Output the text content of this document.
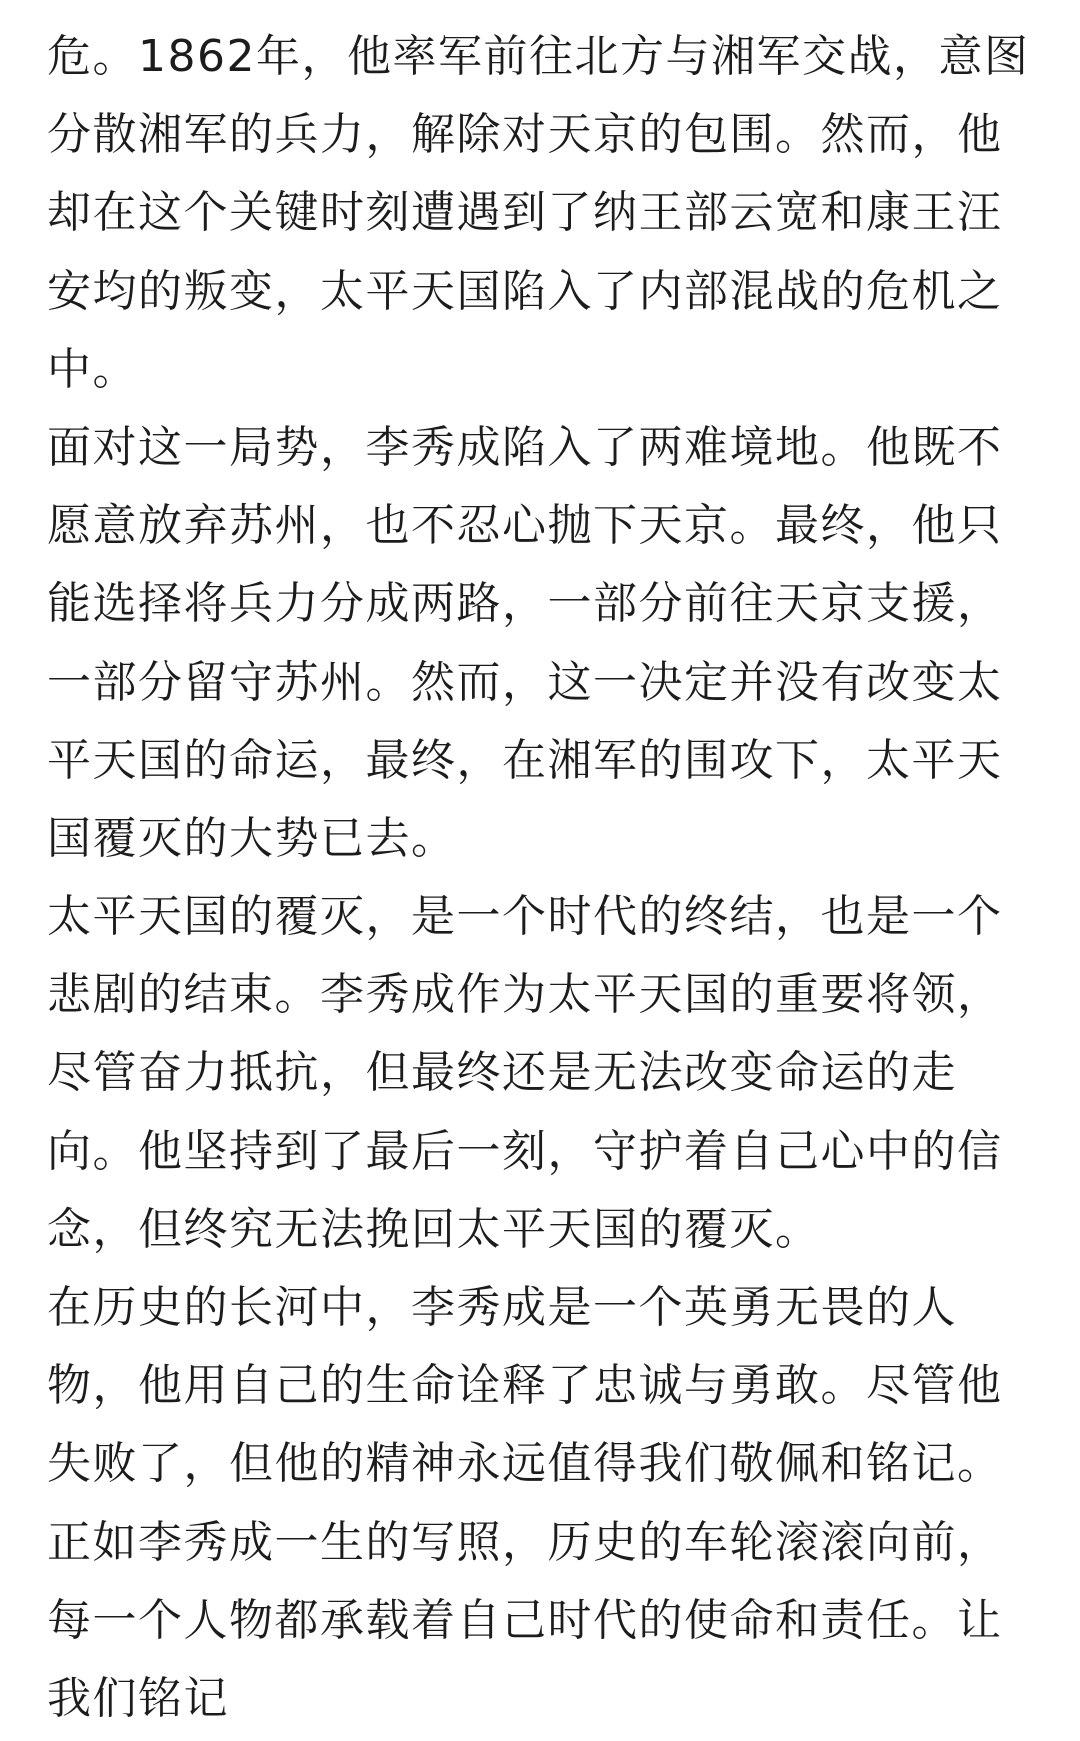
危。1862年，他率军前往北方与湘军交战，意图
分散湘军的兵力，解除对天京的包围。然而，他
却在这个关键时刻遭遇到了纳王部云宽和康王汪
安均的叛变，太平天国陷入了内部混战的危机之
中。
面对这一局势，李秀成陷入了两难境地。他既不
愿意放弃苏州，也不忍心抛下天京。最终，他只
能选择将兵力分成两路，一部分前往天京支援，
一部分留守苏州。然而，这一决定并没有改变太
平天国的命运，最终，在湘军的围攻下，太平天
国覆灭的大势已去。
太平天国的覆灭，是一个时代的终结，也是一个
悲剧的结束。李秀成作为太平天国的重要将领，
尽管奋力抵抗，但最终还是无法改变命运的走
向。他坚持到了最后一刻，守护着自己心中的信
念，但终究无法挽回太平天国的覆灭。
在历史的长河中，李秀成是一个英勇无畏的人
物，他用自己的生命诠释了忠诚与勇敢。尽管他
失败了，但他的精神永远值得我们敬佩和铭记。
正如李秀成一生的写照，历史的车轮滚滚向前，
每一个人物都承载着自己时代的使命和责任。让
我们铭记
